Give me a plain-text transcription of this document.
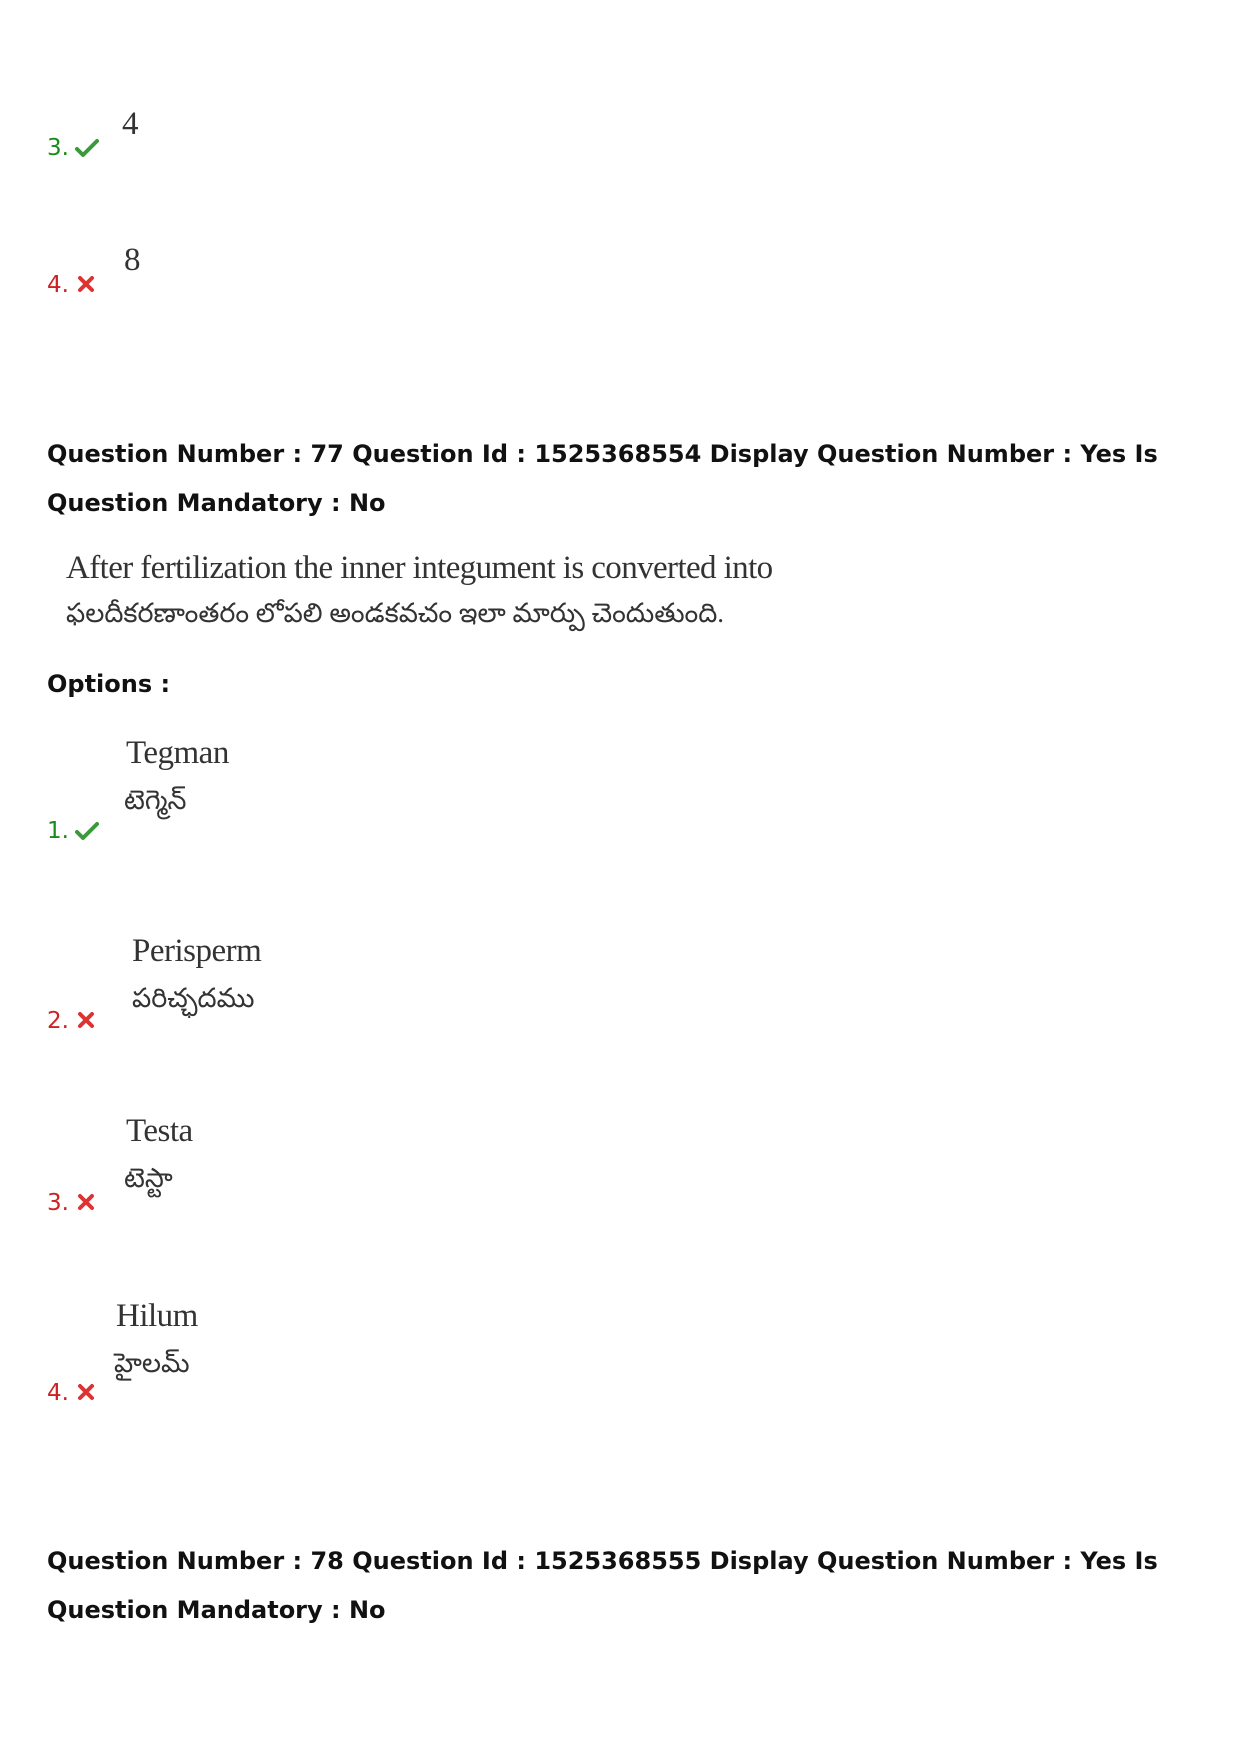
4
3.
8
4.
Question Number : 77 Question Id : 1525368554 Display Question Number : Yes Is Question Mandatory : No
After fertilization the inner integument is converted into
ఫలదీకరణాంతరం లోపలి అండకవచం ఇలా మార్పు చెందుతుంది.
Options :
Tegman
టెగ్మెన్
1.
Perisperm
పరిచ్ఛదము
2.
Testa
టెస్టా
3.
Hilum
హైలమ్
4.
Question Number : 78 Question Id : 1525368555 Display Question Number : Yes Is Question Mandatory : No
